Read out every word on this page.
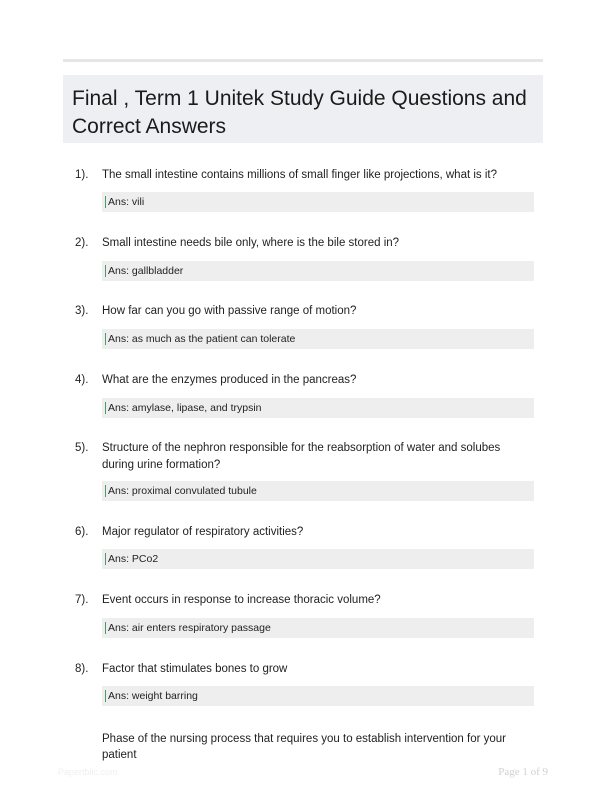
Final , Term 1 Unitek Study Guide Questions and Correct Answers
1). The small intestine contains millions of small finger like projections, what is it?
Ans: vili
2). Small intestine needs bile only, where is the bile stored in?
Ans: gallbladder
3). How far can you go with passive range of motion?
Ans: as much as the patient can tolerate
4). What are the enzymes produced in the pancreas?
Ans: amylase, lipase, and trypsin
5). Structure of the nephron responsible for the reabsorption of water and solubes during urine formation?
Ans: proximal convulated tubule
6). Major regulator of respiratory activities?
Ans: PCo2
7). Event occurs in response to increase thoracic volume?
Ans: air enters respiratory passage
8). Factor that stimulates bones to grow
Ans: weight barring
Phase of the nursing process that requires you to establish intervention for your patient
Papertblic.com	Page 1 of 9
